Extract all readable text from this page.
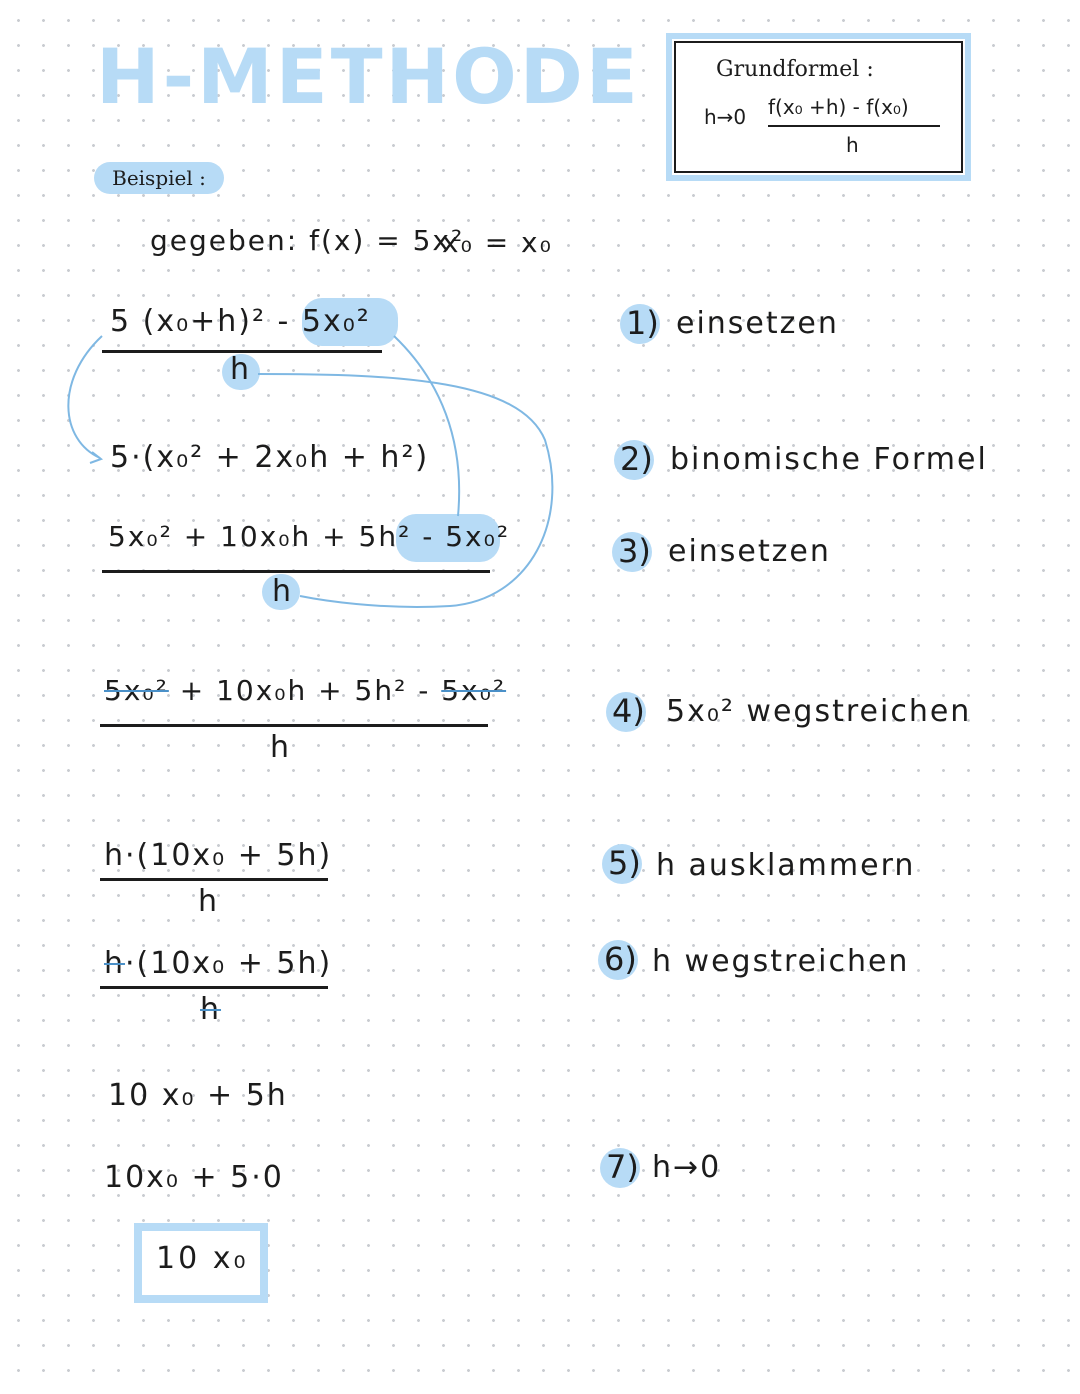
H-METHODE
Beispiel :
Grundformel :
h→0 f(x₀ +h) - f(x₀)
h
gegeben: f(x) = 5x²
x₀ = x₀
5 (x₀+h)² - 5x₀²
h
5·(x₀² + 2x₀h + h²)
5x₀² + 10x₀h + 5h² - 5x₀²
h
5x₀² + 10x₀h + 5h² - 5x₀²
h
h·(10x₀ + 5h)
h
h·(10x₀ + 5h)
h
10 x₀ + 5h
10x₀ + 5·0
10 x₀
1) einsetzen
2) binomische Formel
3) einsetzen
4) 5x₀² wegstreichen
5) h ausklammern
6) h wegstreichen
7) h→0
